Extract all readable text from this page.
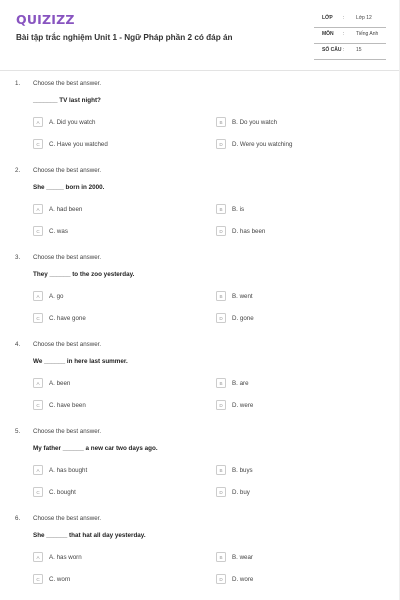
QUIZIZZ
Bài tập trắc nghiệm Unit 1 - Ngữ Pháp phần 2 có đáp án
LỚP : Lớp 12
MÔN : Tiếng Anh
SỐ CÂU : 15
1. Choose the best answer.
_______ TV last night?
A	A. Did you watch	B	B. Do you watch
C	C. Have you watched	D	D. Were you watching
2. Choose the best answer.
She _____ born in 2000.
A	A. had been	B	B. is
C	C. was	D	D. has been
3. Choose the best answer.
They ______ to the zoo yesterday.
A	A. go	B	B. went
C	C. have gone	D	D. gone
4. Choose the best answer.
We ______ in here last summer.
A	A. been	B	B. are
C	C. have been	D	D. were
5. Choose the best answer.
My father ______ a new car two days ago.
A	A. has bought	B	B. buys
C	C. bought	D	D. buy
6. Choose the best answer.
She ______ that hat all day yesterday.
A	A. has worn	B	B. wear
C	C. worn	D	D. wore
